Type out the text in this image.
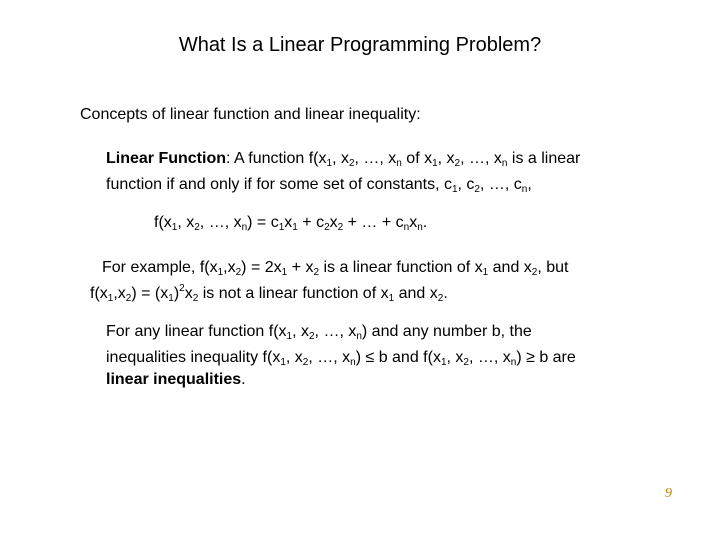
What Is a Linear Programming Problem?
Concepts of linear function and linear inequality:
Linear Function: A function $f(x_1$, $x_2$, …, $x_n$ of $x_1$, $x_2$, …, $x_n$ is a linear
function if and only if for some set of constants, $c_1$, $c_2$, …, $c_n$,
$f(x_1$, $x_2$, …, $x_n) = c_1x_1 + c_2x_2$ + … + $c_nx_n$.
For example, $f(x_1,x_2) = 2x_1 + x_2$ is a linear function of $x_1$ and $x_2$, but
$f(x_1,x_2) = (x_1)^2x_2$ is not a linear function of $x_1$ and $x_2$.
For any linear function $f(x_1$, $x_2$, …, $x_n$) and any number b, the
inequalities inequality $f(x_1$, $x_2$, …, $x_n) \le b$ and $f(x_1$, $x_2$, …, $x_n) \ge b$ are
linear inequalities.
9
